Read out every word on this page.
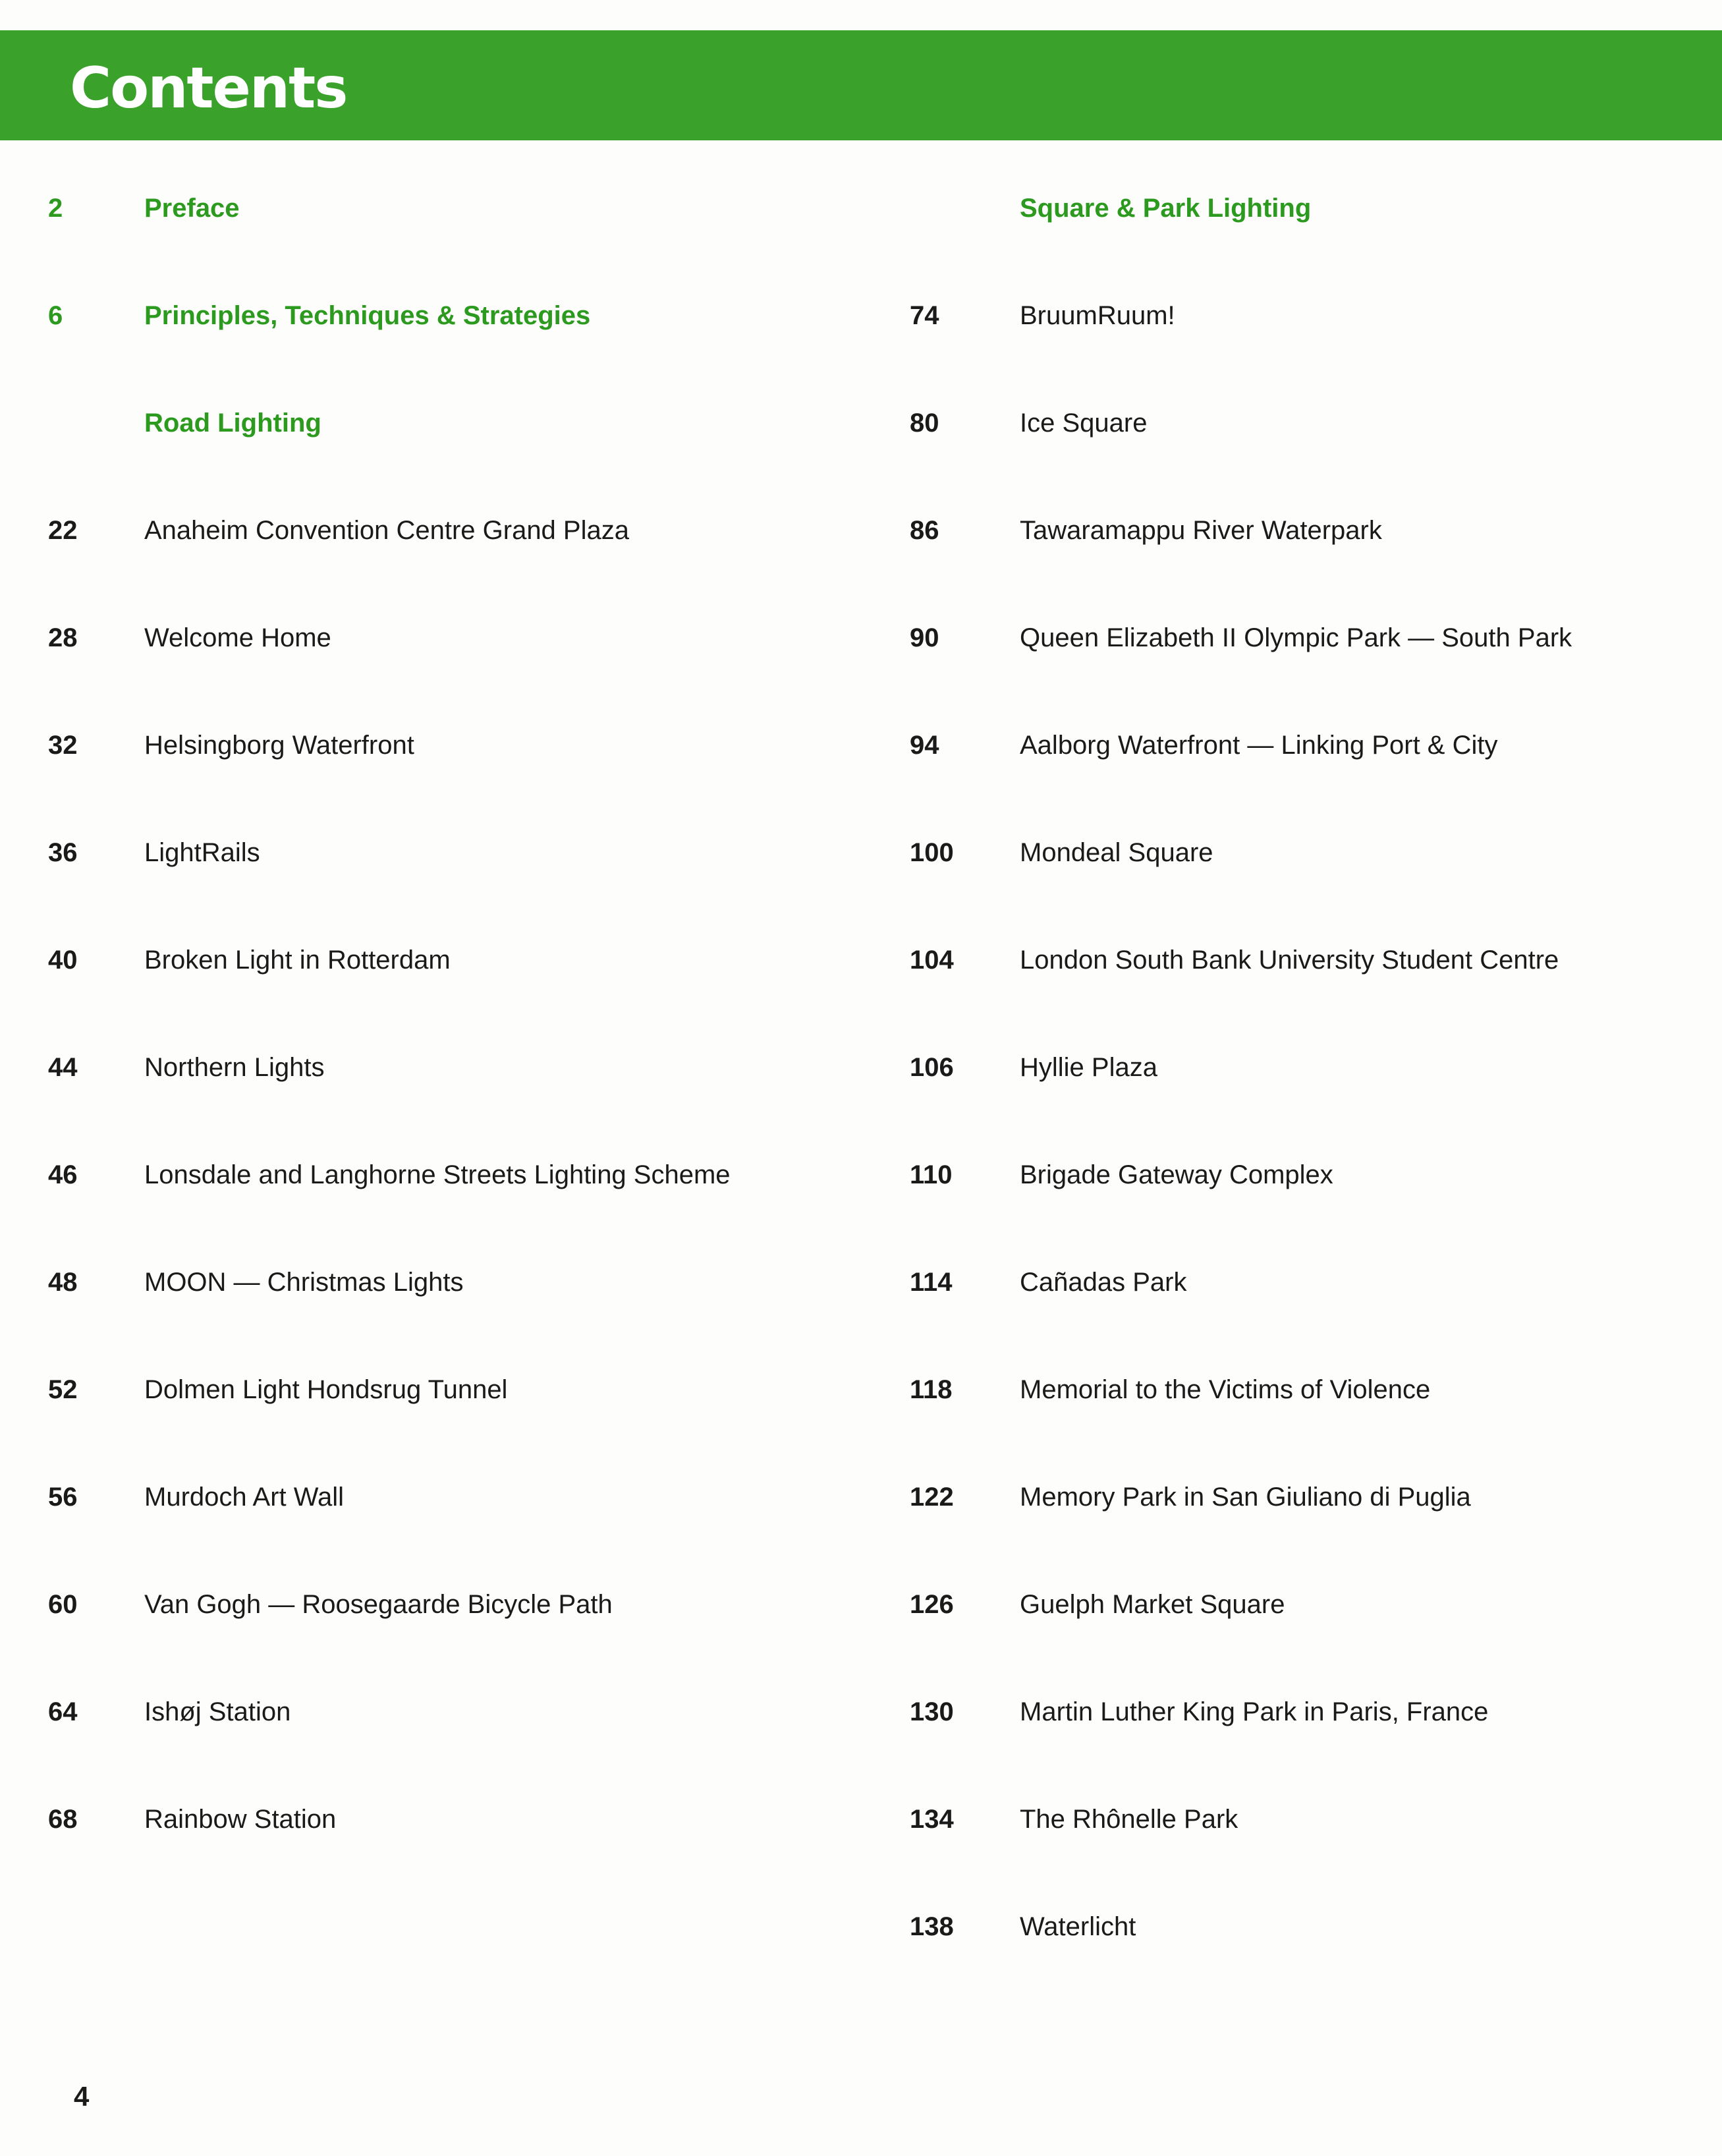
Contents
2	Preface
6	Principles, Techniques & Strategies
Road Lighting
22	Anaheim Convention Centre Grand Plaza
28	Welcome Home
32	Helsingborg Waterfront
36	LightRails
40	Broken Light in Rotterdam
44	Northern Lights
46	Lonsdale and Langhorne Streets Lighting Scheme
48	MOON — Christmas Lights
52	Dolmen Light Hondsrug Tunnel
56	Murdoch Art Wall
60	Van Gogh — Roosegaarde Bicycle Path
64	Ishøj Station
68	Rainbow Station
Square & Park Lighting
74	BruumRuum!
80	Ice Square
86	Tawaramappu River Waterpark
90	Queen Elizabeth II Olympic Park — South Park
94	Aalborg Waterfront — Linking Port & City
100	Mondeal Square
104	London South Bank University Student Centre
106	Hyllie Plaza
110	Brigade Gateway Complex
114	Cañadas Park
118	Memorial to the Victims of Violence
122	Memory Park in San Giuliano di Puglia
126	Guelph Market Square
130	Martin Luther King Park in Paris, France
134	The Rhônelle Park
138	Waterlicht
4
